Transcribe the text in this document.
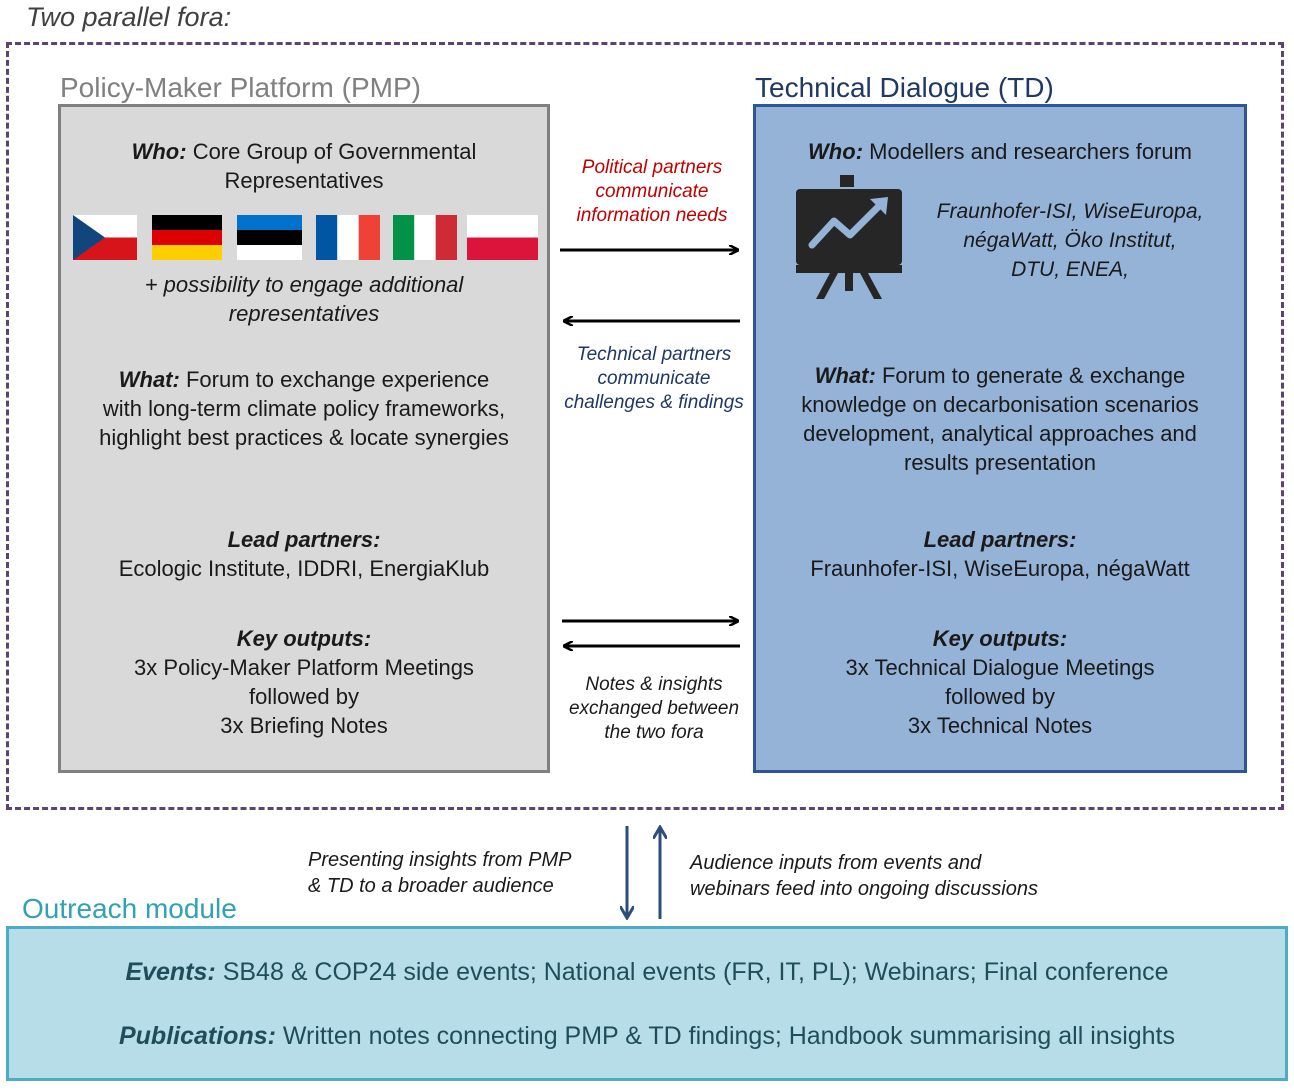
Two parallel fora:
Policy-Maker Platform (PMP)
Who: Core Group of Governmental
Representatives
+ possibility to engage additional
representatives
What: Forum to exchange experience
with long-term climate policy frameworks,
highlight best practices & locate synergies
Lead partners:
Ecologic Institute, IDDRI, EnergiaKlub
Key outputs:
3x Policy-Maker Platform Meetings
followed by
3x Briefing Notes
Technical Dialogue (TD)
Who: Modellers and researchers forum
Fraunhofer-ISI, WiseEuropa,
négaWatt, Öko Institut,
DTU, ENEA,
What: Forum to generate & exchange
knowledge on decarbonisation scenarios
development, analytical approaches and
results presentation
Lead partners:
Fraunhofer-ISI, WiseEuropa, négaWatt
Key outputs:
3x Technical Dialogue Meetings
followed by
3x Technical Notes
Political partners
communicate
information needs
Technical partners
communicate
challenges & findings
Notes & insights
exchanged between
the two fora
Presenting insights from PMP
& TD to a broader audience
Audience inputs from events and
webinars feed into ongoing discussions
Outreach module
Events: SB48 & COP24 side events; National events (FR, IT, PL); Webinars; Final conference
Publications: Written notes connecting PMP & TD findings; Handbook summarising all insights
